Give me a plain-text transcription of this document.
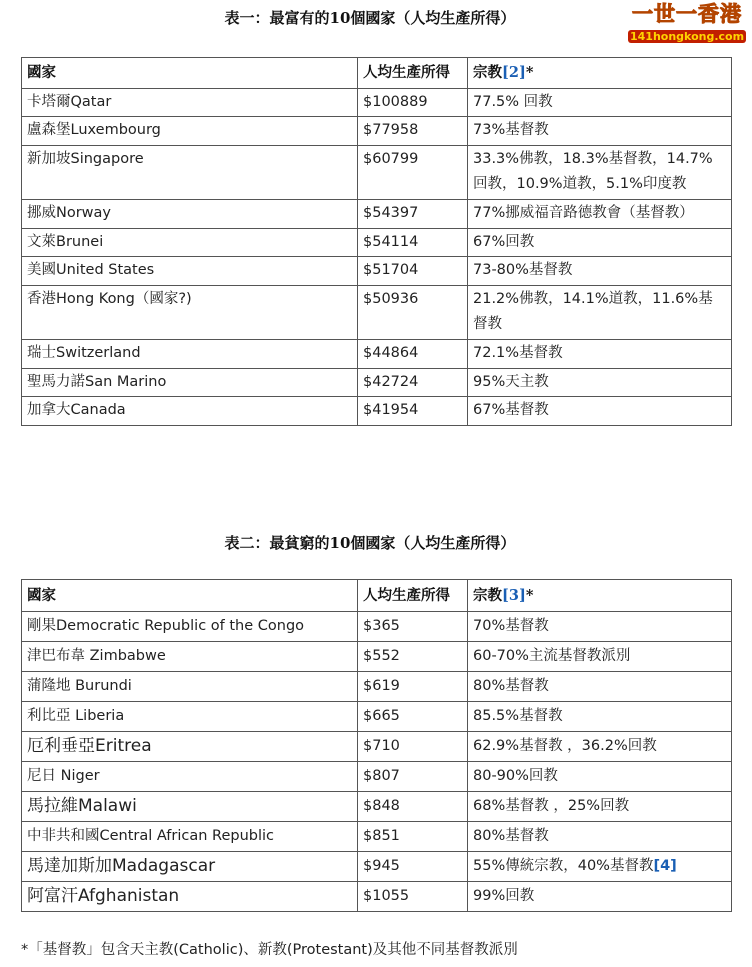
一世一香港
141hongkong.com
表一：最富有的10個國家（人均生產所得）
國家	人均生產所得	宗教[2]*
卡塔爾Qatar	$100889	77.5% 回教
盧森堡Luxembourg	$77958	73%基督教
新加坡Singapore	$60799	33.3%佛教，18.3%基督教，14.7%回教，10.9%道教，5.1%印度教
挪威Norway	$54397	77%挪威福音路德教會（基督教）
文萊Brunei	$54114	67%回教
美國United States	$51704	73-80%基督教
香港Hong Kong（國家?)	$50936	21.2%佛教，14.1%道教，11.6%基督教
瑞士Switzerland	$44864	72.1%基督教
聖馬力諾San Marino	$42724	95%天主教
加拿大Canada	$41954	67%基督教
表二：最貧窮的10個國家（人均生產所得）
國家	人均生產所得	宗教[3]*
剛果Democratic Republic of the Congo	$365	70%基督教
津巴布韋 Zimbabwe	$552	60-70%主流基督教派別
蒲隆地 Burundi	$619	80%基督教
利比亞 Liberia	$665	85.5%基督教
厄利垂亞Eritrea	$710	62.9%基督教 ，36.2%回教
尼日 Niger	$807	80-90%回教
馬拉維Malawi	$848	68%基督教 ，25%回教
中非共和國Central African Republic	$851	80%基督教
馬達加斯加Madagascar	$945	55%傳統宗教，40%基督教[4]
阿富汗Afghanistan	$1055	99%回教
*「基督教」包含天主教(Catholic)、新教(Protestant)及其他不同基督教派別
